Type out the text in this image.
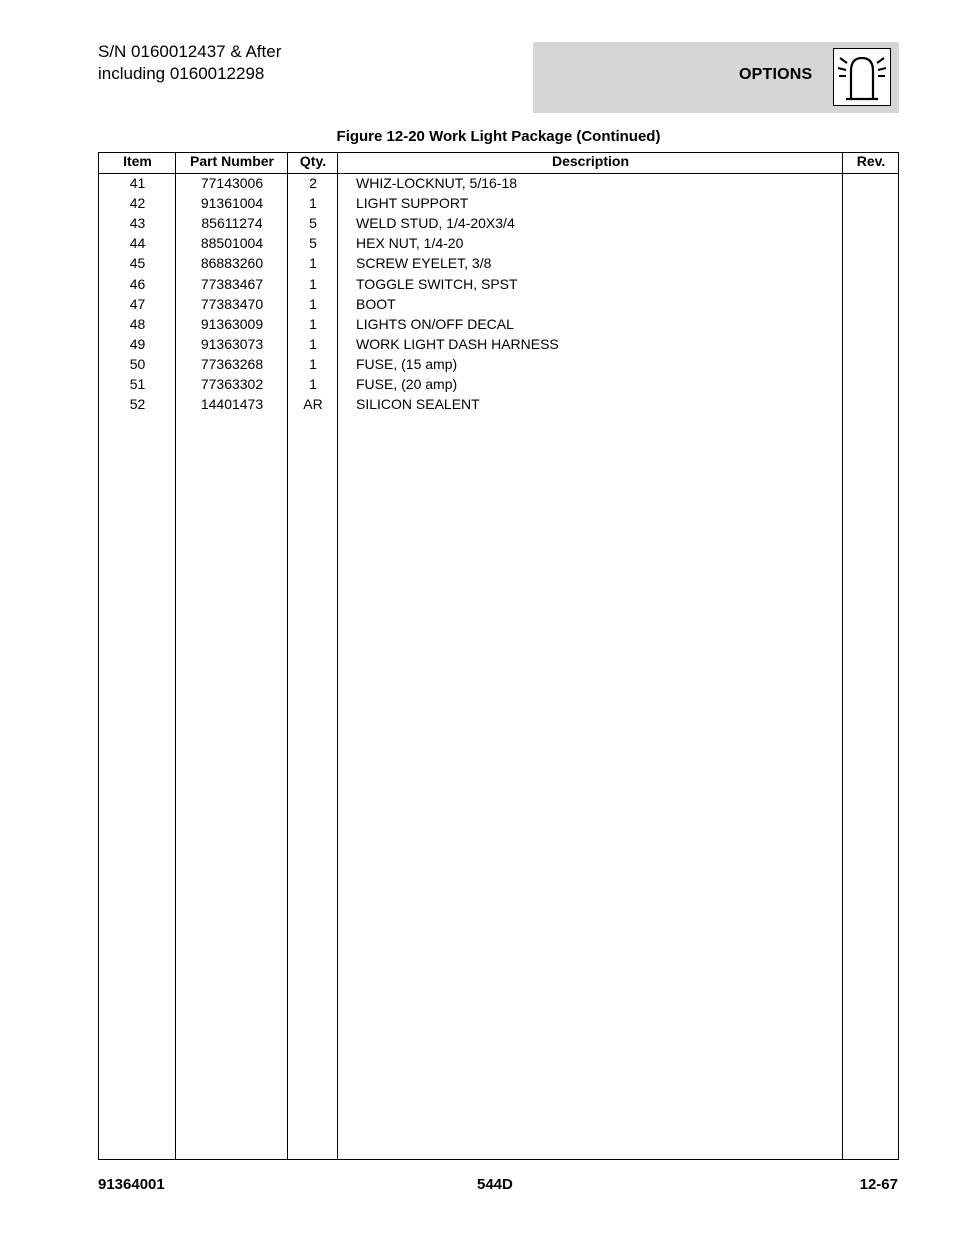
S/N 0160012437 & After
including 0160012298	OPTIONS
Figure 12-20 Work Light Package (Continued)
Item	Part Number	Qty.	Description	Rev.
41	77143006	2	WHIZ-LOCKNUT, 5/16-18
42	91361004	1	LIGHT SUPPORT
43	85611274	5	WELD STUD, 1/4-20X3/4
44	88501004	5	HEX NUT, 1/4-20
45	86883260	1	SCREW EYELET, 3/8
46	77383467	1	TOGGLE SWITCH, SPST
47	77383470	1	BOOT
48	91363009	1	LIGHTS ON/OFF DECAL
49	91363073	1	WORK LIGHT DASH HARNESS
50	77363268	1	FUSE, (15 amp)
51	77363302	1	FUSE, (20 amp)
52	14401473	AR	SILICON SEALENT
91364001	544D	12-67
